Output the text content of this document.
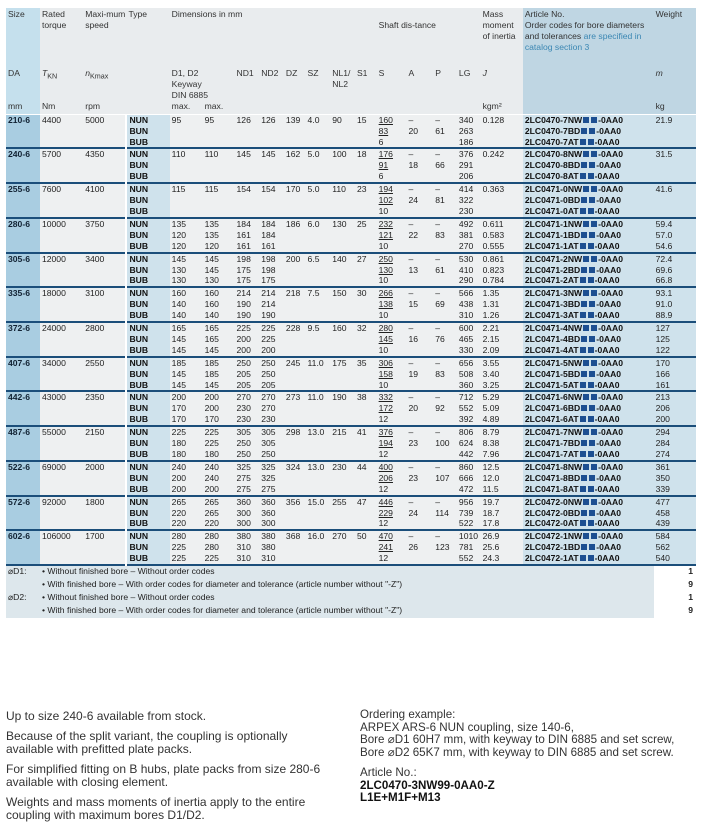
Size	Rated torque	Maxi-mum speed	Type	Dimensions in mm								Shaft dis-tance				Mass moment of inertia	Article No.
Order codes for bore diameters and tolerances are specified in catalog section 3	Weight
DA	$T_{KN}$	$n_{Kmax}$		D1, D2
Keyway
DIN 6885		ND1	ND2	DZ	SZ	NL1/ NL2	S1	S	A	P	LG	J		m
mm	Nm	rpm		max.	max.											kgm²		kg
210-6	4400	5000	NUN	95	95	126	126	139	4.0	90	15	160	–	–	340	0.128	2LC0470-7NW -0AA0	21.9
			BUN									83	20	61	263		2LC0470-7BD -0AA0	
			BUB									6			186		2LC0470-7AT -0AA0	
240-6	5700	4350	NUN	110	110	145	145	162	5.0	100	18	176	–	–	376	0.242	2LC0470-8NW -0AA0	31.5
			BUN									91	18	66	291		2LC0470-8BD -0AA0	
			BUB									6			206		2LC0470-8AT -0AA0	
255-6	7600	4100	NUN	115	115	154	154	170	5.0	110	23	194	–	–	414	0.363	2LC0471-0NW -0AA0	41.6
			BUN									102	24	81	322		2LC0471-0BD -0AA0	
			BUB									10			230		2LC0471-0AT -0AA0	
280-6	10000	3750	NUN	135	135	184	184	186	6.0	130	25	232	–	–	492	0.611	2LC0471-1NW -0AA0	59.4
			BUN	120	135	161	184					121	22	83	381	0.583	2LC0471-1BD -0AA0	57.0
			BUB	120	120	161	161					10			270	0.555	2LC0471-1AT -0AA0	54.6
305-6	12000	3400	NUN	145	145	198	198	200	6.5	140	27	250	–	–	530	0.861	2LC0471-2NW -0AA0	72.4
			BUN	130	145	175	198					130	13	61	410	0.823	2LC0471-2BD -0AA0	69.6
			BUB	130	130	175	175					10			290	0.784	2LC0471-2AT -0AA0	66.8
335-6	18000	3100	NUN	160	160	214	214	218	7.5	150	30	266	–	–	566	1.35	2LC0471-3NW -0AA0	93.1
			BUN	140	160	190	214					138	15	69	438	1.31	2LC0471-3BD -0AA0	91.0
			BUB	140	140	190	190					10			310	1.26	2LC0471-3AT -0AA0	88.9
372-6	24000	2800	NUN	165	165	225	225	228	9.5	160	32	280	–	–	600	2.21	2LC0471-4NW -0AA0	127
			BUN	145	165	200	225					145	16	76	465	2.15	2LC0471-4BD -0AA0	125
			BUB	145	145	200	200					10			330	2.09	2LC0471-4AT -0AA0	122
407-6	34000	2550	NUN	185	185	250	250	245	11.0	175	35	306	–	–	656	3.55	2LC0471-5NW -0AA0	170
			BUN	145	185	205	250					158	19	83	508	3.40	2LC0471-5BD -0AA0	166
			BUB	145	145	205	205					10			360	3.25	2LC0471-5AT -0AA0	161
442-6	43000	2350	NUN	200	200	270	270	273	11.0	190	38	332	–	–	712	5.29	2LC0471-6NW -0AA0	213
			BUN	170	200	230	270					172	20	92	552	5.09	2LC0471-6BD -0AA0	206
			BUB	170	170	230	230					12			392	4.89	2LC0471-6AT -0AA0	200
487-6	55000	2150	NUN	225	225	305	305	298	13.0	215	41	376	–	–	806	8.79	2LC0471-7NW -0AA0	294
			BUN	180	225	250	305					194	23	100	624	8.38	2LC0471-7BD -0AA0	284
			BUB	180	180	250	250					12			442	7.96	2LC0471-7AT -0AA0	274
522-6	69000	2000	NUN	240	240	325	325	324	13.0	230	44	400	–	–	860	12.5	2LC0471-8NW -0AA0	361
			BUN	200	240	275	325					206	23	107	666	12.0	2LC0471-8BD -0AA0	350
			BUB	200	200	275	275					12			472	11.5	2LC0471-8AT -0AA0	339
572-6	92000	1800	NUN	265	265	360	360	356	15.0	255	47	446	–	–	956	19.7	2LC0472-0NW -0AA0	477
			BUN	220	265	300	360					229	24	114	739	18.7	2LC0472-0BD -0AA0	458
			BUB	220	220	300	300					12			522	17.8	2LC0472-0AT -0AA0	439
602-6	106000	1700	NUN	280	280	380	380	368	16.0	270	50	470	–	–	1010	26.9	2LC0472-1NW -0AA0	584
			BUN	225	280	310	380					241	26	123	781	25.6	2LC0472-1BD -0AA0	562
			BUB	225	225	310	310					12			552	24.3	2LC0472-1AT -0AA0	540
⌀D1:	• Without finished bore – Without order codes																	1
	• With finished bore – With order codes for diameter and tolerance (article number without "-Z")																	9
⌀D2:	• Without finished bore – Without order codes																	1
	• With finished bore – With order codes for diameter and tolerance (article number without "-Z")																	9

Up to size 240-6 available from stock.

Because of the split variant, the coupling is optionally available with prefitted plate packs.

For simplified fitting on B hubs, plate packs from size 280-6 available with closing element.

Weights and mass moments of inertia apply to the entire coupling with maximum bores D1/D2.

Ordering example:

ARPEX ARS-6 NUN coupling, size 140-6,

Bore ⌀D1 60H7 mm, with keyway to DIN 6885 and set screw,

Bore ⌀D2 65K7 mm, with keyway to DIN 6885 and set screw.

Article No.:

2LC0470-3NW99-0AA0-Z

L1E+M1F+M13
